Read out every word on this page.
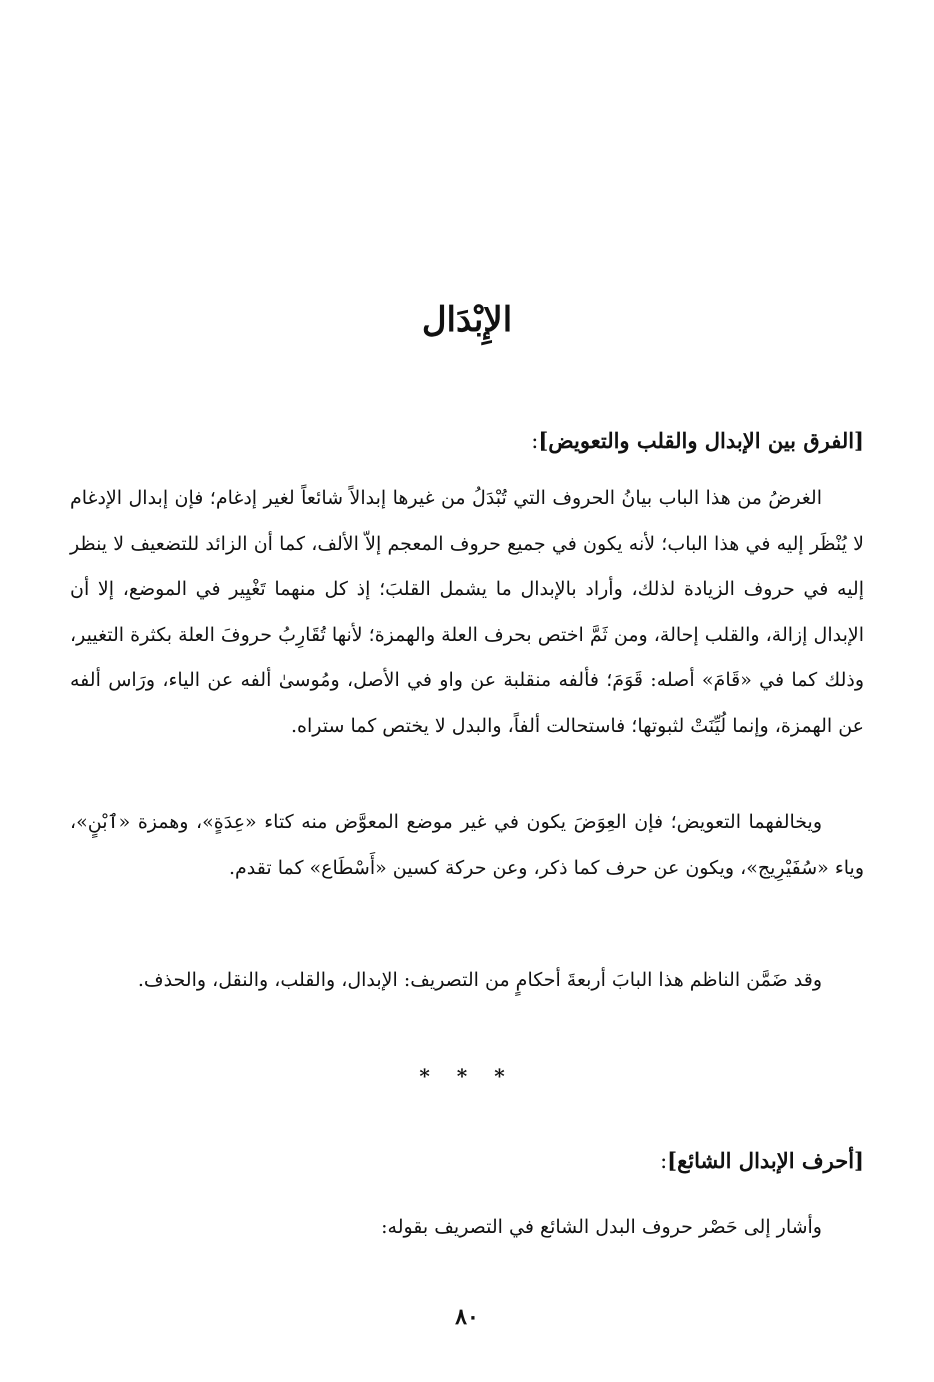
الإِبْدَال
[الفرق بين الإبدال والقلب والتعويض]:

الغرضُ من هذا الباب بيانُ الحروف التي تُبْدَلُ من غيرها إبدالاً شائعاً لغير إدغام؛ فإن إبدال الإدغام لا يُنْظَر إليه في هذا الباب؛ لأنه يكون في جميع حروف المعجم إلاّ الألف، كما أن الزائد للتضعيف لا ينظر إليه في حروف الزيادة لذلك، وأراد بالإبدال ما يشمل القلبَ؛ إذ كل منهما تَغْيِير في الموضع، إلا أن الإبدال إزالة، والقلب إحالة، ومن ثَمَّ اختص بحرف العلة والهمزة؛ لأنها تُقَارِبُ حروفَ العلة بكثرة التغيير، وذلك كما في «قَامَ» أصله: قَوَمَ؛ فألفه منقلبة عن واو في الأصل، ومُوسىٰ ألفه عن الياء، ورَاس ألفه عن الهمزة، وإنما لُيِّنَتْ لثبوتها؛ فاستحالت ألفاً، والبدل لا يختص كما ستراه.

ويخالفهما التعويض؛ فإن العِوَضَ يكون في غير موضع المعوَّض منه كتاء «عِدَةٍ»، وهمزة «ٱبْنٍ»، وياء «سُفَيْرِيج»، ويكون عن حرف كما ذكر، وعن حركة كسين «أَسْطَاع» كما تقدم.

وقد ضَمَّن الناظم هذا البابَ أربعةَ أحكامٍ من التصريف: الإبدال، والقلب، والنقل، والحذف.

* * *
[أحرف الإبدال الشائع]:

وأشار إلى حَصْر حروف البدل الشائع في التصريف بقوله:

٨٠
